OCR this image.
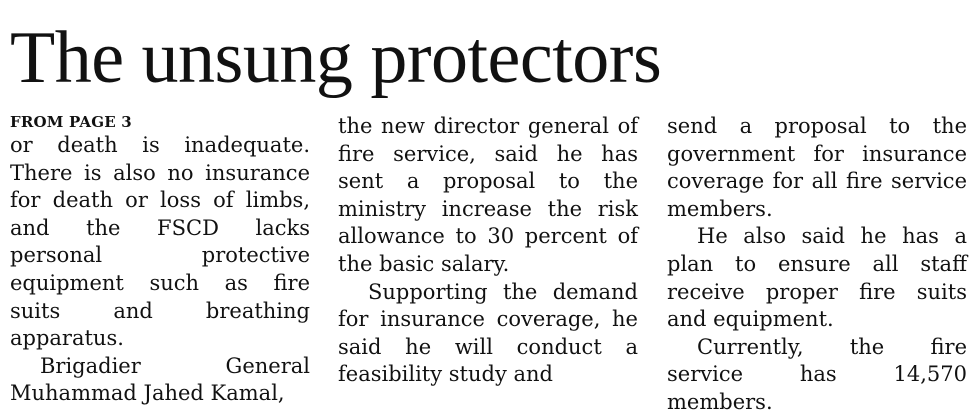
The unsung protectors
FROM PAGE 3

or death is inadequate. There is also no insurance for death or loss of limbs, and the FSCD lacks personal protective equipment such as fire suits and breathing apparatus.

Brigadier General Muhammad Jahed Kamal,

the new director general of fire service, said he has sent a proposal to the ministry increase the risk allowance to 30 percent of the basic salary.

Supporting the demand for insurance coverage, he said he will conduct a feasibility study and

send a proposal to the government for insurance coverage for all fire service members.

He also said he has a plan to ensure all staff receive proper fire suits and equipment.

Currently, the fire service has 14,570 members.
